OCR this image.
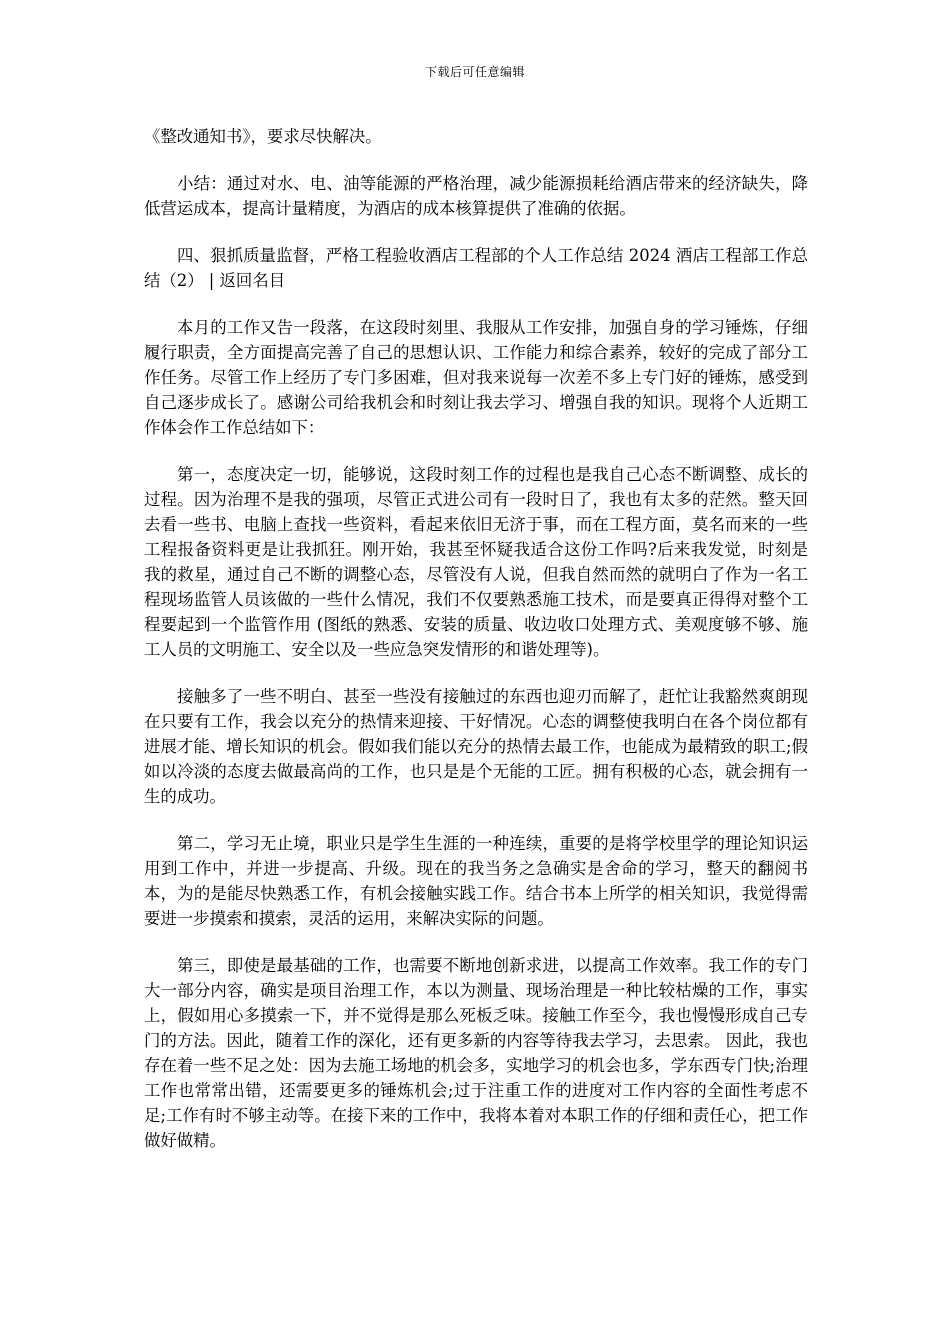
下载后可任意编辑

《整改通知书》，要求尽快解决。

小结：通过对水、电、油等能源的严格治理，减少能源损耗给酒店带来的经济缺失，降低营运成本，提高计量精度，为酒店的成本核算提供了准确的依据。

四、狠抓质量监督，严格工程验收酒店工程部的个人工作总结 2024 酒店工程部工作总结（2） | 返回名目

本月的工作又告一段落，在这段时刻里、我服从工作安排，加强自身的学习锤炼，仔细履行职责，全方面提高完善了自己的思想认识、工作能力和综合素养，较好的完成了部分工作任务。尽管工作上经历了专门多困难，但对我来说每一次差不多上专门好的锤炼，感受到自己逐步成长了。感谢公司给我机会和时刻让我去学习、增强自我的知识。现将个人近期工作体会作工作总结如下：

第一，态度决定一切，能够说，这段时刻工作的过程也是我自己心态不断调整、成长的过程。因为治理不是我的强项，尽管正式进公司有一段时日了，我也有太多的茫然。整天回去看一些书、电脑上查找一些资料，看起来依旧无济于事，而在工程方面，莫名而来的一些工程报备资料更是让我抓狂。刚开始，我甚至怀疑我适合这份工作吗?后来我发觉，时刻是我的救星，通过自己不断的调整心态，尽管没有人说，但我自然而然的就明白了作为一名工程现场监管人员该做的一些什么情况，我们不仅要熟悉施工技术，而是要真正得得对整个工程要起到一个监管作用 (图纸的熟悉、安装的质量、收边收口处理方式、美观度够不够、施工人员的文明施工、安全以及一些应急突发情形的和谐处理等)。

接触多了一些不明白、甚至一些没有接触过的东西也迎刃而解了，赶忙让我豁然爽朗现在只要有工作，我会以充分的热情来迎接、干好情况。心态的调整使我明白在各个岗位都有进展才能、增长知识的机会。假如我们能以充分的热情去最工作，也能成为最精致的职工;假如以冷淡的态度去做最高尚的工作，也只是是个无能的工匠。拥有积极的心态，就会拥有一生的成功。

第二，学习无止境，职业只是学生生涯的一种连续，重要的是将学校里学的理论知识运用到工作中，并进一步提高、升级。现在的我当务之急确实是舍命的学习，整天的翻阅书本，为的是能尽快熟悉工作，有机会接触实践工作。结合书本上所学的相关知识，我觉得需要进一步摸索和摸索，灵活的运用，来解决实际的问题。

第三，即使是最基础的工作，也需要不断地创新求进，以提高工作效率。我工作的专门大一部分内容，确实是项目治理工作，本以为测量、现场治理是一种比较枯燥的工作，事实上，假如用心多摸索一下，并不觉得是那么死板乏味。接触工作至今，我也慢慢形成自己专门的方法。因此，随着工作的深化，还有更多新的内容等待我去学习，去思索。 因此，我也存在着一些不足之处：因为去施工场地的机会多，实地学习的机会也多，学东西专门快;治理工作也常常出错，还需要更多的锤炼机会;过于注重工作的进度对工作内容的全面性考虑不足;工作有时不够主动等。在接下来的工作中，我将本着对本职工作的仔细和责任心，把工作做好做精。
